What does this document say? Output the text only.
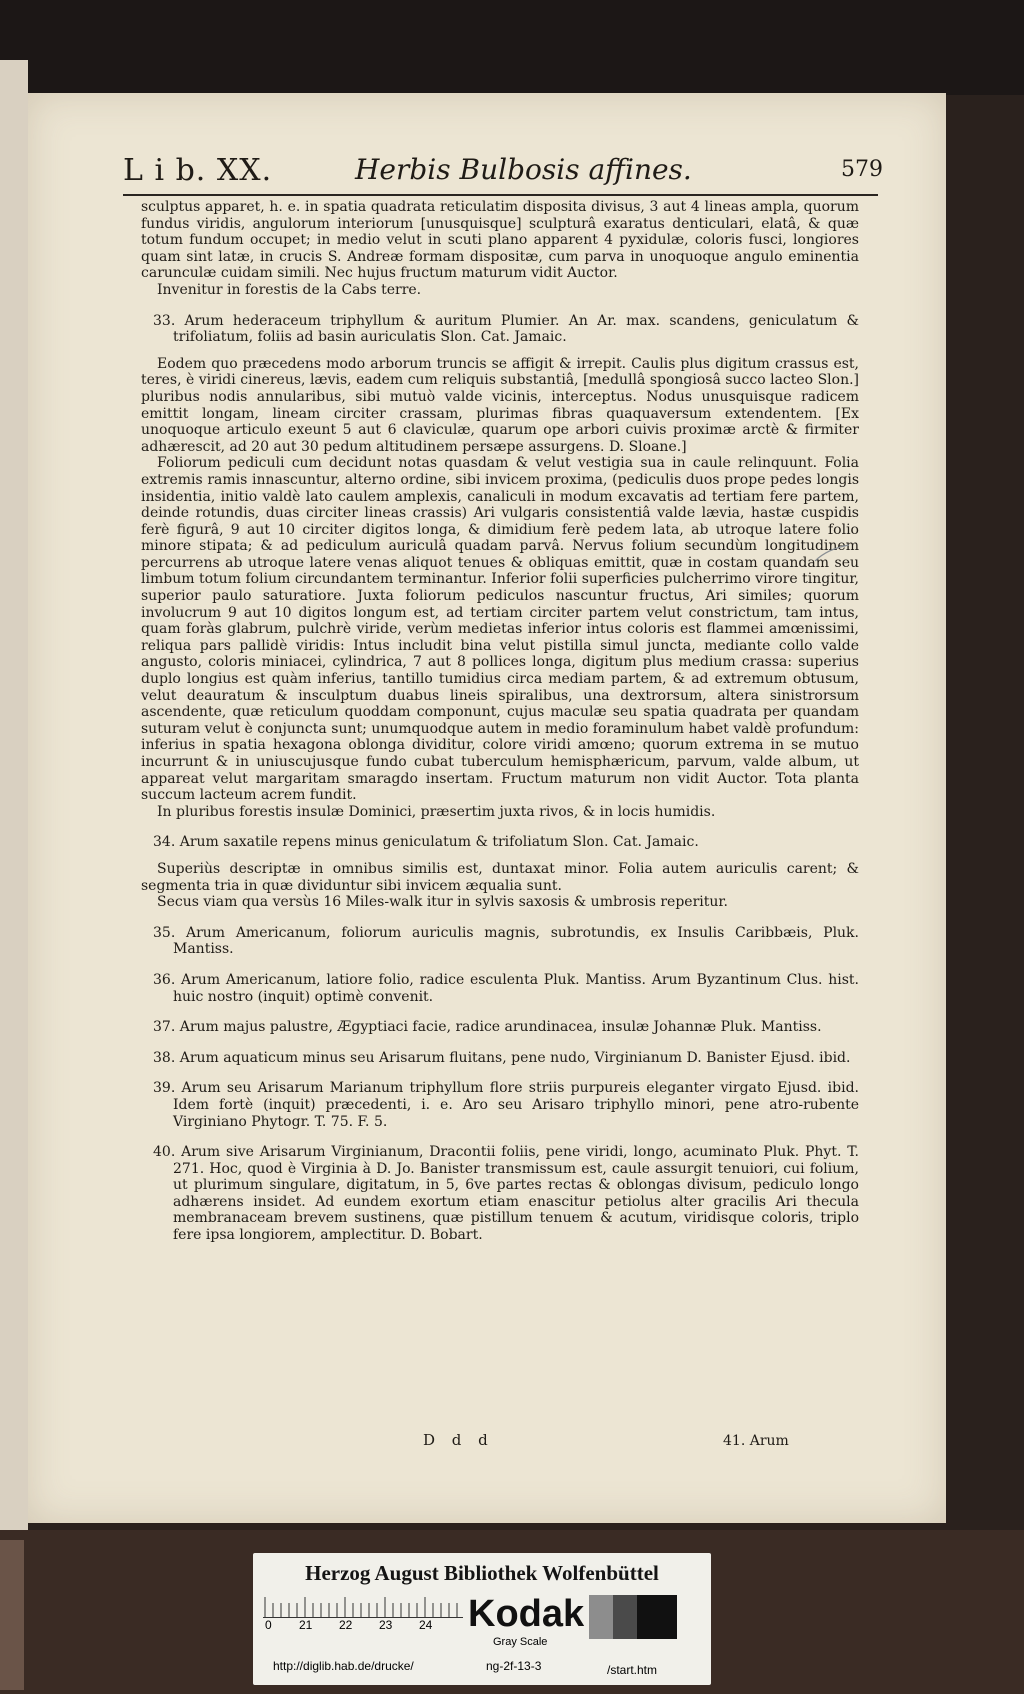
L i b. XX.	Herbis Bulbosis affines.	579

sculptus apparet, h. e. in spatia quadrata reticulatim disposita divisus, 3 aut 4 lineas ampla, quorum fundus viridis, angulorum interiorum [unusquisque] sculpturâ exaratus denticulari, elatâ, & quæ totum fundum occupet; in medio velut in scuti plano apparent 4 pyxidulæ, coloris fusci, longiores quam sint latæ, in crucis S. Andreæ formam dispositæ, cum parva in unoquoque angulo eminentia carunculæ cuidam simili. Nec hujus fructum maturum vidit Auctor.

Invenitur in forestis de la Cabs terre.

33. Arum hederaceum triphyllum & auritum Plumier. An Ar. max. scandens, geniculatum & trifoliatum, foliis ad basin auriculatis Slon. Cat. Jamaic.

Eodem quo præcedens modo arborum truncis se affigit & irrepit. Caulis plus digitum crassus est, teres, è viridi cinereus, lævis, eadem cum reliquis substantiâ, [medullâ spongiosâ succo lacteo Slon.] pluribus nodis annularibus, sibi mutuò valde vicinis, interceptus. Nodus unusquisque radicem emittit longam, lineam circiter crassam, plurimas fibras quaquaversum extendentem. [Ex unoquoque articulo exeunt 5 aut 6 claviculæ, quarum ope arbori cuivis proximæ arctè & firmiter adhærescit, ad 20 aut 30 pedum altitudinem persæpe assurgens. D. Sloane.]

Foliorum pediculi cum decidunt notas quasdam & velut vestigia sua in caule relinquunt. Folia extremis ramis innascuntur, alterno ordine, sibi invicem proxima, (pediculis duos prope pedes longis insidentia, initio valdè lato caulem amplexis, canaliculi in modum excavatis ad tertiam fere partem, deinde rotundis, duas circiter lineas crassis) Ari vulgaris consistentiâ valde lævia, hastæ cuspidis ferè figurâ, 9 aut 10 circiter digitos longa, & dimidium ferè pedem lata, ab utroque latere folio minore stipata; & ad pediculum auriculâ quadam parvâ. Nervus folium secundùm longitudinem percurrens ab utroque latere venas aliquot tenues & obliquas emittit, quæ in costam quandam seu limbum totum folium circundantem terminantur. Inferior folii superficies pulcherrimo virore tingitur, superior paulo saturatiore. Juxta foliorum pediculos nascuntur fructus, Ari similes; quorum involucrum 9 aut 10 digitos longum est, ad tertiam circiter partem velut constrictum, tam intus, quam foràs glabrum, pulchrè viride, verùm medietas inferior intus coloris est flammei amœnissimi, reliqua pars pallidè viridis: Intus includit bina velut pistilla simul juncta, mediante collo valde angusto, coloris miniacei, cylindrica, 7 aut 8 pollices longa, digitum plus medium crassa: superius duplo longius est quàm inferius, tantillo tumidius circa mediam partem, & ad extremum obtusum, velut deauratum & insculptum duabus lineis spiralibus, una dextrorsum, altera sinistrorsum ascendente, quæ reticulum quoddam componunt, cujus maculæ seu spatia quadrata per quandam suturam velut è conjuncta sunt; unumquodque autem in medio foraminulum habet valdè profundum: inferius in spatia hexagona oblonga dividitur, colore viridi amœno; quorum extrema in se mutuo incurrunt & in uniuscujusque fundo cubat tuberculum hemisphæricum, parvum, valde album, ut appareat velut margaritam smaragdo insertam. Fructum maturum non vidit Auctor. Tota planta succum lacteum acrem fundit.

In pluribus forestis insulæ Dominici, præsertim juxta rivos, & in locis humidis.

34. Arum saxatile repens minus geniculatum & trifoliatum Slon. Cat. Jamaic.

Superiùs descriptæ in omnibus similis est, duntaxat minor. Folia autem auriculis carent; & segmenta tria in quæ dividuntur sibi invicem æqualia sunt.

Secus viam qua versùs 16 Miles-walk itur in sylvis saxosis & umbrosis reperitur.

35. Arum Americanum, foliorum auriculis magnis, subrotundis, ex Insulis Caribbæis, Pluk. Mantiss.

36. Arum Americanum, latiore folio, radice esculenta Pluk. Mantiss. Arum Byzantinum Clus. hist. huic nostro (inquit) optimè convenit.

37. Arum majus palustre, Ægyptiaci facie, radice arundinacea, insulæ Johannæ Pluk. Mantiss.

38. Arum aquaticum minus seu Arisarum fluitans, pene nudo, Virginianum D. Banister Ejusd. ibid.

39. Arum seu Arisarum Marianum triphyllum flore striis purpureis eleganter virgato Ejusd. ibid. Idem fortè (inquit) præcedenti, i. e. Aro seu Arisaro triphyllo minori, pene atro-rubente Virginiano Phytogr. T. 75. F. 5.

40. Arum sive Arisarum Virginianum, Dracontii foliis, pene viridi, longo, acuminato Pluk. Phyt. T. 271. Hoc, quod è Virginia à D. Jo. Banister transmissum est, caule assurgit tenuiori, cui folium, ut plurimum singulare, digitatum, in 5, 6ve partes rectas & oblongas divisum, pediculo longo adhærens insidet. Ad eundem exortum etiam enascitur petiolus alter gracilis Ari thecula membranaceam brevem sustinens, quæ pistillum tenuem & acutum, viridisque coloris, triplo fere ipsa longiorem, amplectitur. D. Bobart.

D d d	41. Arum
Herzog August Bibliothek Wolfenbüttel
0 21 22 23 24 Kodak
Gray Scale
http://diglib.hab.de/drucke/	ng-2f-13-3	/start.htm
